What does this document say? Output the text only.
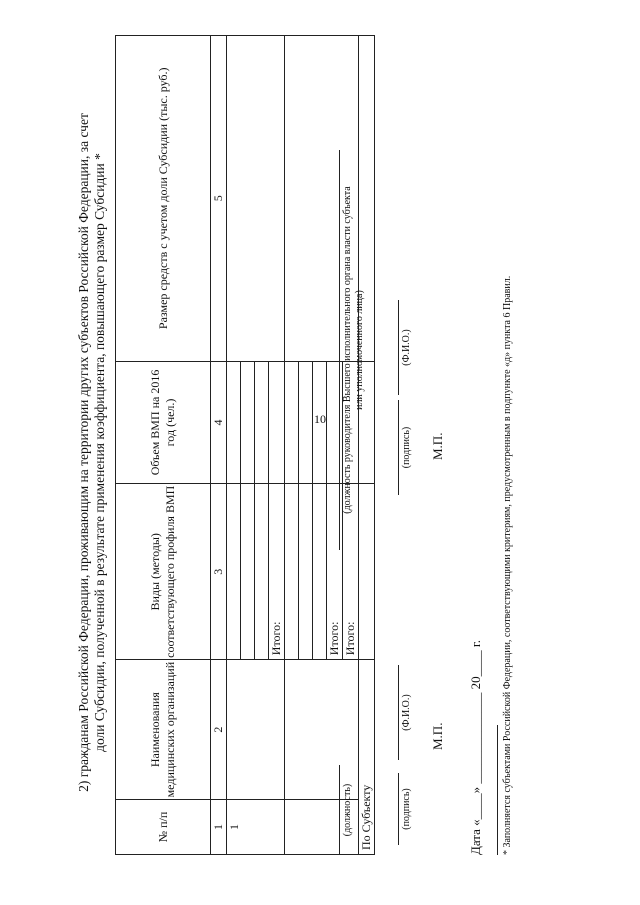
10
2) гражданам Российской Федерации, проживающим на территории других субъектов Российской Федерации, за счет доли Субсидии, полученной в результате применения коэффициента, повышающего размер Субсидии *
№ п/п	Наименования медицинских организаций	Виды (методы) соответствующего профиля ВМП	Объем ВМП на 2016 год (чел.)	Размер средств с учетом доли Субсидии (тыс. руб.)
1	2	3	4	5
1				

		Итого:		

		Итого:		
		Итого:		
По Субъекту				
(должность)
(должность руководителя Высшего исполнительного органа власти субъекта или уполномоченного лица)
(подпись)
(Ф.И.О.)
(подпись)
(Ф.И.О.)
М.П.
М.П.
Дата «____» ______________ 20____ г. * Заполняется субъектами Российской Федерации, соответствующими критериям, предусмотренным в подпункте «д» пункта 6 Правил.
